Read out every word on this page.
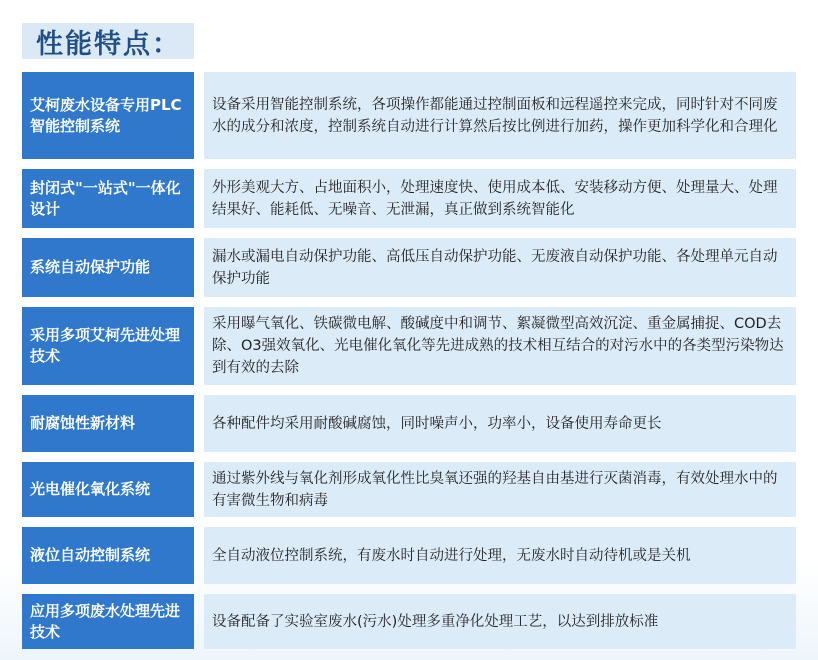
性能特点：
艾柯废水设备专用PLC智能控制系统
设备采用智能控制系统，各项操作都能通过控制面板和远程遥控来完成，同时针对不同废水的成分和浓度，控制系统自动进行计算然后按比例进行加药，操作更加科学化和合理化
封闭式"一站式"一体化设计
外形美观大方、占地面积小，处理速度快、使用成本低、安装移动方便、处理量大、处理结果好、能耗低、无噪音、无泄漏，真正做到系统智能化
系统自动保护功能
漏水或漏电自动保护功能、高低压自动保护功能、无废液自动保护功能、各处理单元自动保护功能
采用多项艾柯先进处理技术
采用曝气氧化、铁碳微电解、酸碱度中和调节、絮凝微型高效沉淀、重金属捕捉、COD去除、O3强效氧化、光电催化氧化等先进成熟的技术相互结合的对污水中的各类型污染物达到有效的去除
耐腐蚀性新材料	各种配件均采用耐酸碱腐蚀，同时噪声小，功率小，设备使用寿命更长
光电催化氧化系统
通过紫外线与氧化剂形成氧化性比臭氧还强的羟基自由基进行灭菌消毒，有效处理水中的有害微生物和病毒
液位自动控制系统	全自动液位控制系统，有废水时自动进行处理，无废水时自动待机或是关机
应用多项废水处理先进技术
设备配备了实验室废水(污水)处理多重净化处理工艺，以达到排放标准
